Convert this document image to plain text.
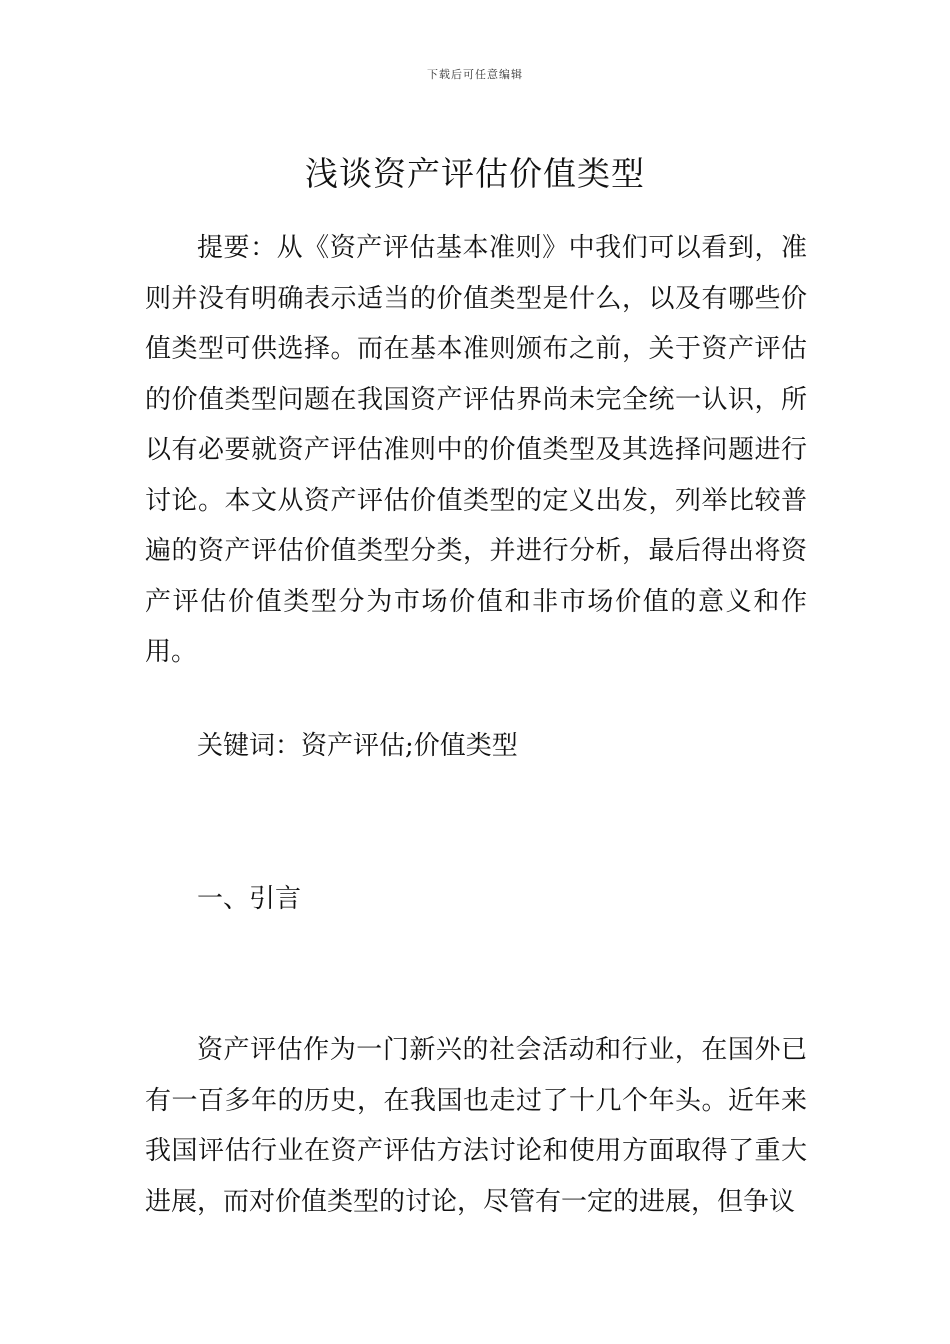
下载后可任意编辑
浅谈资产评估价值类型

提要：从《资产评估基本准则》中我们可以看到，准则并没有明确表示适当的价值类型是什么，以及有哪些价值类型可供选择。而在基本准则颁布之前，关于资产评估的价值类型问题在我国资产评估界尚未完全统一认识，所以有必要就资产评估准则中的价值类型及其选择问题进行讨论。本文从资产评估价值类型的定义出发，列举比较普遍的资产评估价值类型分类，并进行分析，最后得出将资产评估价值类型分为市场价值和非市场价值的意义和作用。

关键词：资产评估;价值类型

一、引言

资产评估作为一门新兴的社会活动和行业，在国外已有一百多年的历史，在我国也走过了十几个年头。近年来我国评估行业在资产评估方法讨论和使用方面取得了重大进展，而对价值类型的讨论，尽管有一定的进展，但争议
